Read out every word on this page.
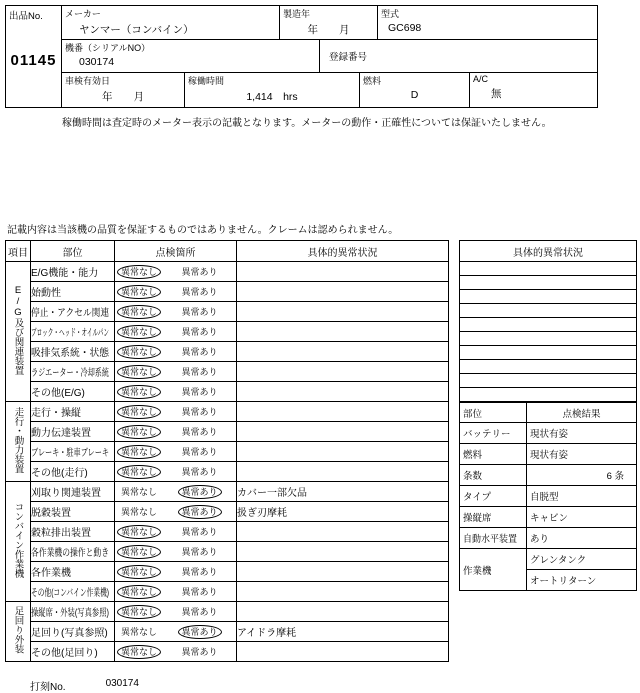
出品No.
01145
メーカー
ヤンマー（コンバイン）
製造年
年　　月
型式
GC698
機番（シリアルNO）
030174	登録番号
車検有効日
年　　月
稼働時間
1,414　hrs
燃料
D
A/C
無
稼働時間は査定時のメーター表示の記載となります。メーターの動作・正確性については保証いたしません。
記載内容は当該機の品質を保証するものではありません。クレームは認められません。
項目	部位	点検箇所	具体的異常状況
E/G及び関連装置	E/G機能・能力	異常なし 異常あり	

	始動性	異常なし 異常あり	

	停止・アクセル関連	異常なし 異常あり	

	ブロック・ヘッド・オイルパン	異常なし 異常あり	

	吸排気系統・状態	異常なし 異常あり	

	ラジエーター・冷却系統	異常なし 異常あり	

	その他(E/G)	異常なし 異常あり	

走行・動力装置	走行・操縦	異常なし 異常あり	

	動力伝達装置	異常なし 異常あり	

	ブレーキ・駐車ブレーキ	異常なし 異常あり	

	その他(走行)	異常なし 異常あり	

コンバイン作業機	刈取り関連装置	異常なし 異常あり	カバー一部欠品
	脱穀装置	異常なし 異常あり	扱ぎ刃摩耗
	穀粒排出装置	異常なし 異常あり	

	各作業機の操作と動き	異常なし 異常あり	

	各作業機	異常なし 異常あり	

	その他(コンバイン作業機)	異常なし 異常あり	

足回り外装	操縦席・外装(写真参照)	異常なし 異常あり	

	足回り(写真参照)	異常なし 異常あり	アイドラ摩耗
	その他(足回り)	異常なし 異常あり	

具体的異常状況

部位	点検結果
バッテリー	現状有姿
燃料	現状有姿
条数	6 条
タイプ	自脱型
操縦席	キャビン
自動水平装置	あり
作業機	グレンタンク
	オートリターン
打刻No.	030174
